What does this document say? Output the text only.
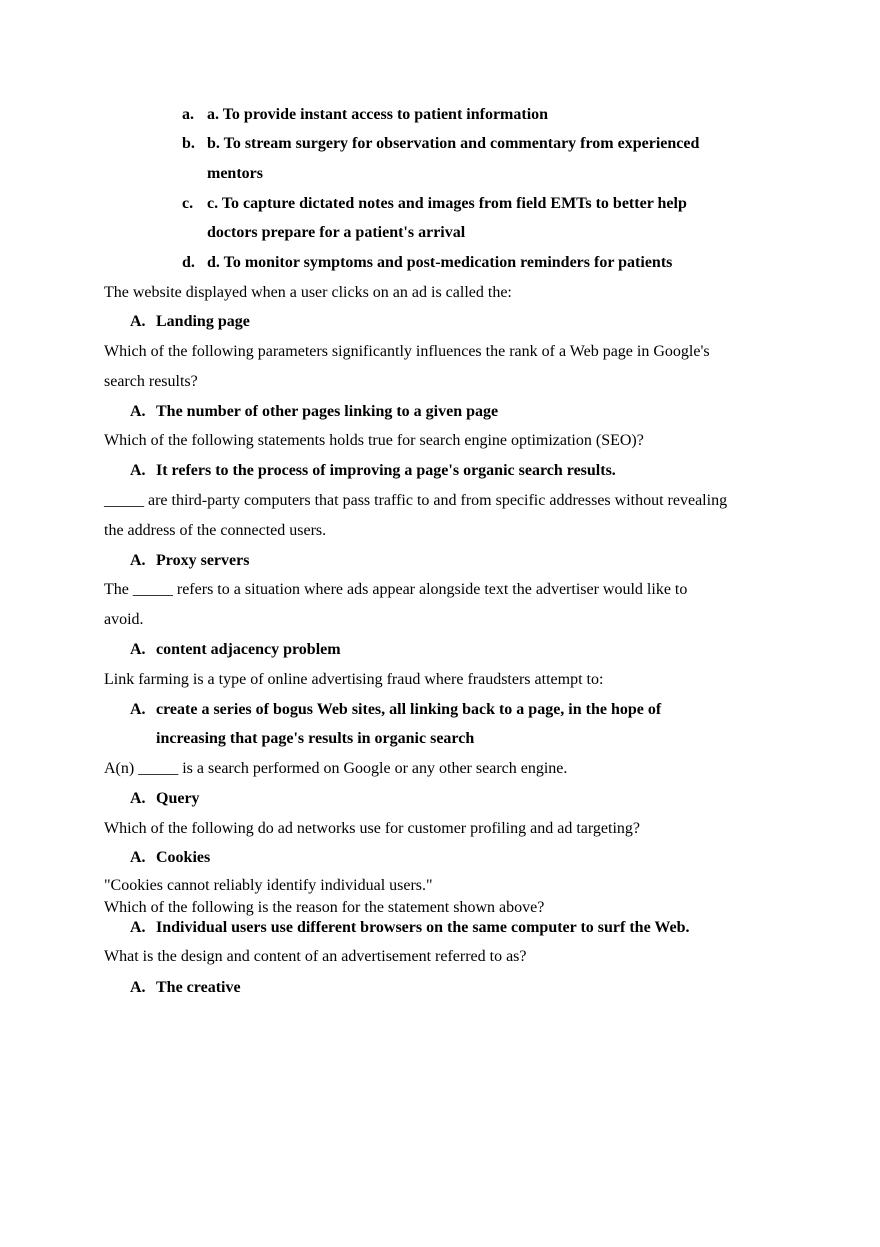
a. a. To provide instant access to patient information
b. b. To stream surgery for observation and commentary from experienced
mentors
c. c. To capture dictated notes and images from field EMTs to better help
doctors prepare for a patient's arrival
d. d. To monitor symptoms and post-medication reminders for patients
The website displayed when a user clicks on an ad is called the:
A. Landing page
Which of the following parameters significantly influences the rank of a Web page in Google's
search results?
A. The number of other pages linking to a given page
Which of the following statements holds true for search engine optimization (SEO)?
A. It refers to the process of improving a page's organic search results.
_____ are third-party computers that pass traffic to and from specific addresses without revealing
the address of the connected users.
A. Proxy servers
The _____ refers to a situation where ads appear alongside text the advertiser would like to
avoid.
A. content adjacency problem
Link farming is a type of online advertising fraud where fraudsters attempt to:
A. create a series of bogus Web sites, all linking back to a page, in the hope of
increasing that page's results in organic search
A(n) _____ is a search performed on Google or any other search engine.
A. Query
Which of the following do ad networks use for customer profiling and ad targeting?
A. Cookies
"Cookies cannot reliably identify individual users."
Which of the following is the reason for the statement shown above?
A. Individual users use different browsers on the same computer to surf the Web.
What is the design and content of an advertisement referred to as?
A. The creative
